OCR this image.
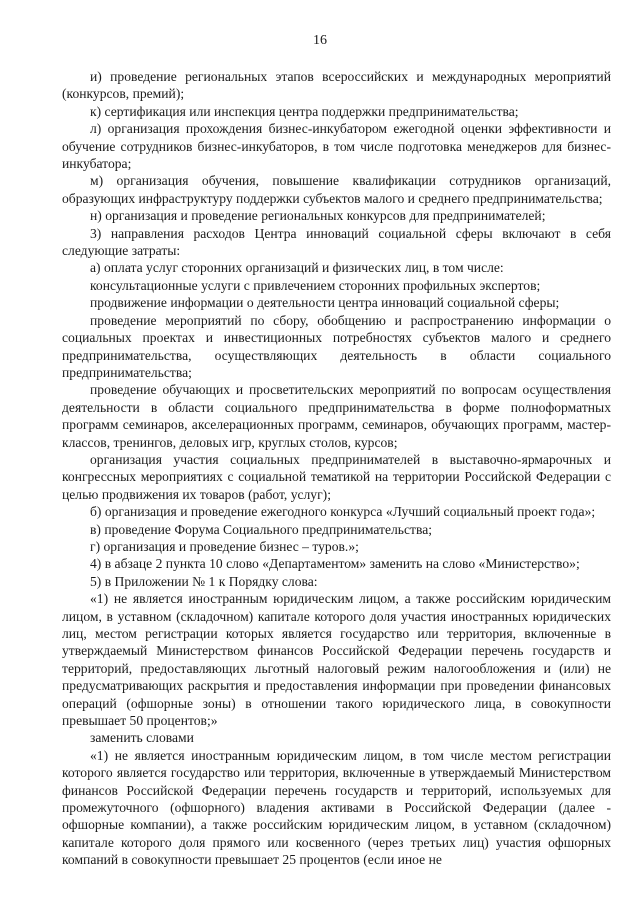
16

и) проведение региональных этапов всероссийских и международных мероприятий (конкурсов, премий);

к) сертификация или инспекция центра поддержки предпринимательства;

л) организация прохождения бизнес-инкубатором ежегодной оценки эффективности и обучение сотрудников бизнес-инкубаторов, в том числе подготовка менеджеров для бизнес-инкубатора;

м) организация обучения, повышение квалификации сотрудников организаций, образующих инфраструктуру поддержки субъектов малого и среднего предпринимательства;

н) организация и проведение региональных конкурсов для предпринимателей;

3) направления расходов Центра инноваций социальной сферы включают в себя следующие затраты:

а) оплата услуг сторонних организаций и физических лиц, в том числе:

консультационные услуги с привлечением сторонних профильных экспертов;

продвижение информации о деятельности центра инноваций социальной сферы;

проведение мероприятий по сбору, обобщению и распространению информации о социальных проектах и инвестиционных потребностях субъектов малого и среднего предпринимательства, осуществляющих деятельность в области социального предпринимательства;

проведение обучающих и просветительских мероприятий по вопросам осуществления деятельности в области социального предпринимательства в форме полноформатных программ семинаров, акселерационных программ, семинаров, обучающих программ, мастер-классов, тренингов, деловых игр, круглых столов, курсов;

организация участия социальных предпринимателей в выставочно-ярмарочных и конгрессных мероприятиях с социальной тематикой на территории Российской Федерации с целью продвижения их товаров (работ, услуг);

б) организация и проведение ежегодного конкурса «Лучший социальный проект года»;

в) проведение Форума Социального предпринимательства;

г) организация и проведение бизнес – туров.»;

4) в абзаце 2 пункта 10 слово «Департаментом» заменить на слово «Министерство»;

5) в Приложении № 1 к Порядку слова:

«1) не является иностранным юридическим лицом, а также российским юридическим лицом, в уставном (складочном) капитале которого доля участия иностранных юридических лиц, местом регистрации которых является государство или территория, включенные в утверждаемый Министерством финансов Российской Федерации перечень государств и территорий, предоставляющих льготный налоговый режим налогообложения и (или) не предусматривающих раскрытия и предоставления информации при проведении финансовых операций (офшорные зоны) в отношении такого юридического лица, в совокупности превышает 50 процентов;»

заменить словами

«1) не является иностранным юридическим лицом, в том числе местом регистрации которого является государство или территория, включенные в утверждаемый Министерством финансов Российской Федерации перечень государств и территорий, используемых для промежуточного (офшорного) владения активами в Российской Федерации (далее - офшорные компании), а также российским юридическим лицом, в уставном (складочном) капитале которого доля прямого или косвенного (через третьих лиц) участия офшорных компаний в совокупности превышает 25 процентов (если иное не
